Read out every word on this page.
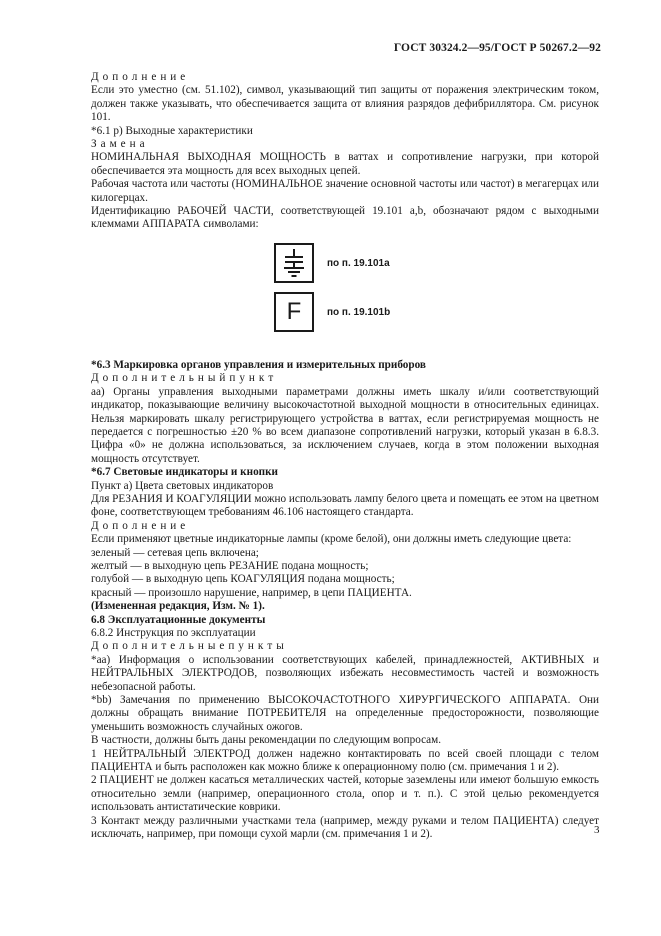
ГОСТ 30324.2—95/ГОСТ Р 50267.2—92

Д о п о л н е н и е

Если это уместно (см. 51.102), символ, указывающий тип защиты от поражения электрическим током, должен также указывать, что обеспечивается защита от влияния разрядов дефибриллятора. См. рисунок 101.

*6.1 р) Выходные характеристики

З а м е н а

НОМИНАЛЬНАЯ ВЫХОДНАЯ МОЩНОСТЬ в ваттах и сопротивление нагрузки, при которой обеспечивается эта мощность для всех выходных цепей.

Рабочая частота или частоты (НОМИНАЛЬНОЕ значение основной частоты или частот) в мегагерцах или килогерцах.

Идентификацию РАБОЧЕЙ ЧАСТИ, соответствующей 19.101 a,b, обозначают рядом с выходными клеммами АППАРАТА символами:

по п. 19.101a
F	по п. 19.101b

*6.3 Маркировка органов управления и измерительных приборов

Д о п о л н и т е л ь н ы й п у н к т

аа) Органы управления выходными параметрами должны иметь шкалу и/или соответствующий индикатор, показывающие величину высокочастотной выходной мощности в относительных единицах. Нельзя маркировать шкалу регистрирующего устройства в ваттах, если регистрируемая мощность не передается с погрешностью ±20 % во всем диапазоне сопротивлений нагрузки, который указан в 6.8.3. Цифра «0» не должна использоваться, за исключением случаев, когда в этом положении выходная мощность отсутствует.

*6.7 Световые индикаторы и кнопки

Пункт а) Цвета световых индикаторов

Для РЕЗАНИЯ И КОАГУЛЯЦИИ можно использовать лампу белого цвета и помещать ее этом на цветном фоне, соответствующем требованиям 46.106 настоящего стандарта.

Д о п о л н е н и е

Если применяют цветные индикаторные лампы (кроме белой), они должны иметь следующие цвета:

зеленый — сетевая цепь включена;

желтый — в выходную цепь РЕЗАНИЕ подана мощность;

голубой — в выходную цепь КОАГУЛЯЦИЯ подана мощность;

красный — произошло нарушение, например, в цепи ПАЦИЕНТА.

(Измененная редакция, Изм. № 1).

6.8 Эксплуатационные документы

6.8.2 Инструкция по эксплуатации

Д о п о л н и т е л ь н ы е п у н к т ы

*аа) Информация о использовании соответствующих кабелей, принадлежностей, АКТИВНЫХ и НЕЙТРАЛЬНЫХ ЭЛЕКТРОДОВ, позволяющих избежать несовместимость частей и возможность небезопасной работы.

*bb) Замечания по применению ВЫСОКОЧАСТОТНОГО ХИРУРГИЧЕСКОГО АППАРАТА. Они должны обращать внимание ПОТРЕБИТЕЛЯ на определенные предосторожности, позволяющие уменьшить возможность случайных ожогов.

В частности, должны быть даны рекомендации по следующим вопросам.

1 НЕЙТРАЛЬНЫЙ ЭЛЕКТРОД должен надежно контактировать по всей своей площади с телом ПАЦИЕНТА и быть расположен как можно ближе к операционному полю (см. примечания 1 и 2).

2 ПАЦИЕНТ не должен касаться металлических частей, которые заземлены или имеют большую емкость относительно земли (например, операционного стола, опор и т. п.). С этой целью рекомендуется использовать антистатические коврики.

3 Контакт между различными участками тела (например, между руками и телом ПАЦИЕНТА) следует исключать, например, при помощи сухой марли (см. примечания 1 и 2).	3
